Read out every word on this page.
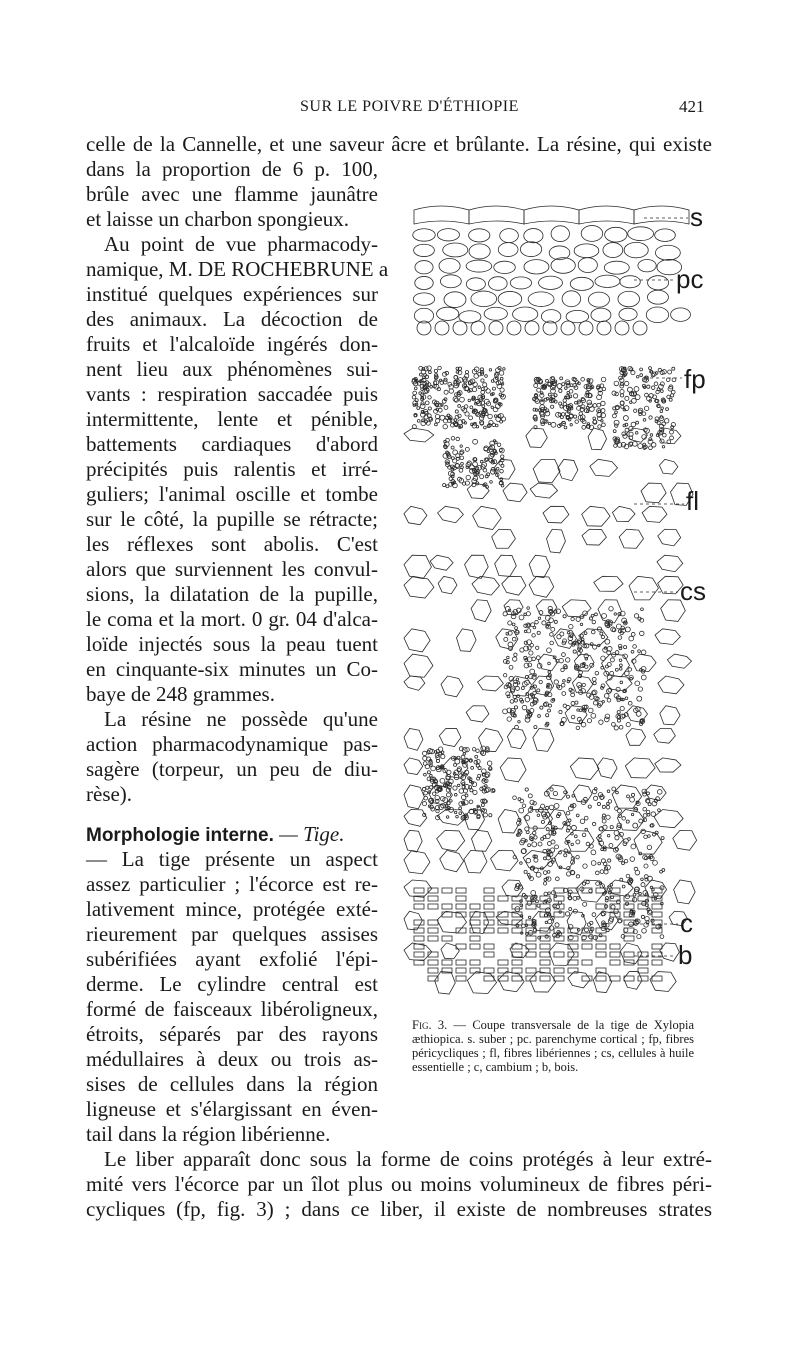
SUR LE POIVRE D'ÉTHIOPIE	421
celle de la Cannelle, et une saveur âcre et brûlante. La résine, qui existe
dans la proportion de 6 p. 100,
brûle avec une flamme jaunâtre
et laisse un charbon spongieux.
Au point de vue pharmacody-
namique, M. DE ROCHEBRUNE a
institué quelques expériences sur
des animaux. La décoction de
fruits et l'alcaloïde ingérés don-
nent lieu aux phénomènes sui-
vants : respiration saccadée puis
intermittente, lente et pénible,
battements cardiaques d'abord
précipités puis ralentis et irré-
guliers; l'animal oscille et tombe
sur le côté, la pupille se rétracte;
les réflexes sont abolis. C'est
alors que surviennent les convul-
sions, la dilatation de la pupille,
le coma et la mort. 0 gr. 04 d'alca-
loïde injectés sous la peau tuent
en cinquante-six minutes un Co-
baye de 248 grammes.
La résine ne possède qu'une
action pharmacodynamique pas-
sagère (torpeur, un peu de diu-
rèse).
Morphologie interne. — Tige.
— La tige présente un aspect
assez particulier ; l'écorce est re-
lativement mince, protégée exté-
rieurement par quelques assises
subérifiées ayant exfolié l'épi-
derme. Le cylindre central est
formé de faisceaux libéroligneux,
étroits, séparés par des rayons
médullaires à deux ou trois as-
sises de cellules dans la région
ligneuse et s'élargissant en éven-
tail dans la région libérienne.
Le liber apparaît donc sous la forme de coins protégés à leur extré-
mité vers l'écorce par un îlot plus ou moins volumineux de fibres péri-
cycliques (fp, fig. 3) ; dans ce liber, il existe de nombreuses strates
s
pc
fp
fl
cs
c
b
Fig. 3. — Coupe transversale de la tige de Xylopia æthiopica. s. suber ; pc. parenchyme cortical ; fp, fibres péricycliques ; fl, fibres libériennes ; cs, cellules à huile essentielle ; c, cambium ; b, bois.
